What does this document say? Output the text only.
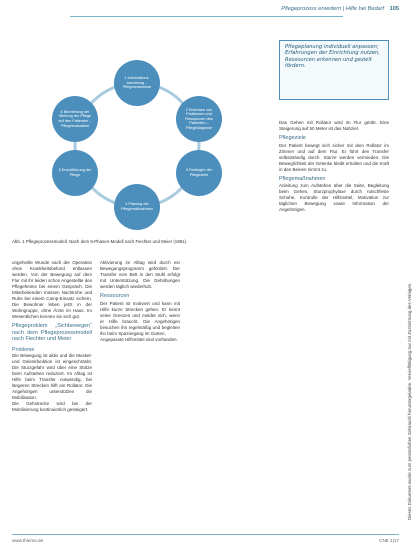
Pflegeprozess erweitern | Hilfe bei Bedarf 105
Dieses Dokument wurde zum persönlichen Gebrauch heruntergeladen. Vervielfältigung nur mit Zustimmung des Verlages.
1 Informations-sammlung – Pflegeanamnese
2 Erkennen von Problemen und Ressourcen des Patienten – Pflegediagnose
3 Festlegen der Pflegeziele
4 Planung der Pflegemaßnahmen
5 Durchführung der Pflege
6 Beurteilung der Wirkung der Pflege auf den Patienten – Pflegeevaluation
Pflegeplanung individuell anpassen; Erfahrungen der Einrichtung nutzen, Ressourcen erkennen und gezielt fördern.
Abb. 1 Pflegeprozessmodell. Nach dem 6-Phasen-Modell nach Fiechter und Meier (1981).

ungeheilte Wunde nach der Operation ohne Krankheitsbefund entlassen werden. Von der Bewegung auf dem Flur mit ihr leiden schon Angestellte des Pflegeheims bei einem Gespräch. Die Mitarbeitenden müssen Nachtruhe und Ruhe bei einem Camp-Einsatz sichern. Die Bewohner leben jetzt in der Wohngruppe, ohne Ärzte im Haus. Im Wesentlichen kennen sie sich gut.

Pflegeproblem „Sichbewegen“ nach dem Pflegeprozessmodell nach Fiechter und Meier
Probleme

Die Bewegung ist aktiv und die Muskel- und Gelenkfunktion ist eingeschränkt. Die Sturzgefahr wird über eine Stütze beim Aufstehen reduziert. Im Alltag ist Hilfe beim Transfer notwendig, bei längeren Strecken hilft ein Rollator. Die Angehörigen unterstützen die Mobilisation.

Die Gehstrecke wird bei der Mobilisierung kontinuierlich gesteigert.

Aktivierung im Alltag wird durch ein Bewegungsprogramm gefördert. Der Transfer vom Bett in den Stuhl erfolgt mit Unterstützung. Die Gehübungen werden täglich wiederholt.

Ressourcen

Der Patient ist motiviert und kann mit Hilfe kurze Strecken gehen. Er kennt seine Grenzen und meldet sich, wenn er Hilfe braucht. Die Angehörigen besuchen ihn regelmäßig und begleiten ihn beim Spaziergang im Garten.

Angepasste Hilfsmittel sind vorhanden.

Das Gehen mit Rollator wird im Flur geübt. Eine Steigerung auf 50 Meter ist das Nahziel.

Pflegeziele

Der Patient bewegt sich sicher mit dem Rollator im Zimmer und auf dem Flur. Er führt den Transfer selbstständig durch. Stürze werden vermieden. Die Beweglichkeit der Gelenke bleibt erhalten und die Kraft in den Beinen nimmt zu.

Pflegemaßnahmen

Anleitung zum Aufstehen über die Seite, Begleitung beim Gehen, Sturzprophylaxe durch rutschfeste Schuhe, Kontrolle der Hilfsmittel, Motivation zur täglichen Bewegung sowie Information der Angehörigen.

www.thieme.de	CNE 1|17
